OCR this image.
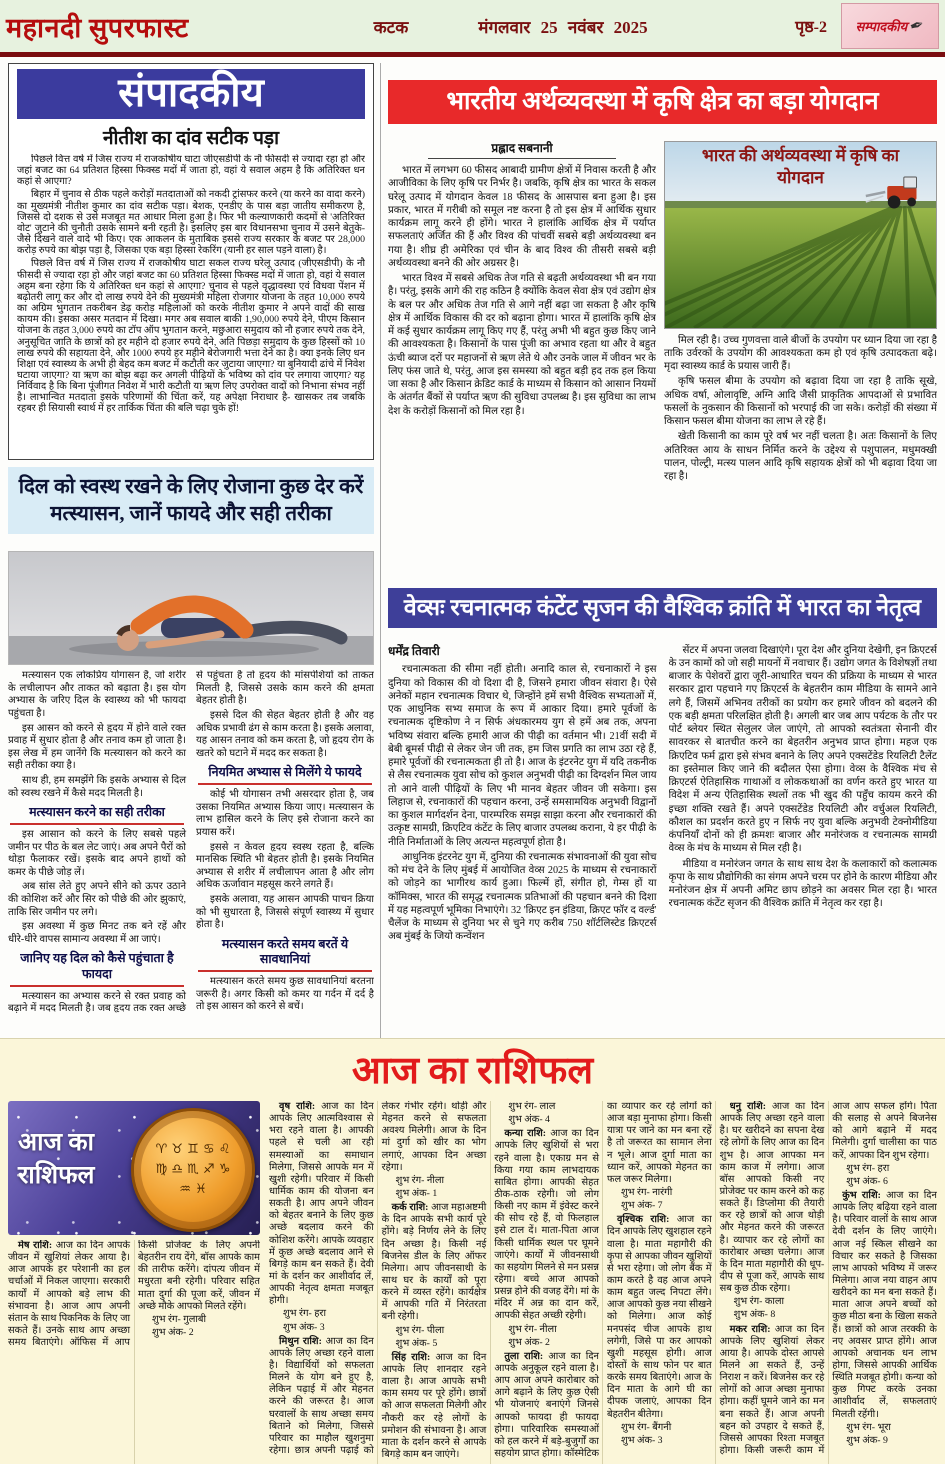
महानदी सुपरफास्ट	कटक	मंगलवार 25 नवंबर 2025	पृष्ठ-2 सम्पादकीय ✒
संप‍ादकीय
नीतीश का दांव सटीक पड़ा

पिछले वित्त वर्ष में जिस राज्य में राजकोषीय घाटा जीएसडीपी के नौ फीसदी से ज्यादा रहा हो और जहां बजट का 64 प्रतिशत हिस्सा फिक्स्ड मदों में जाता हो, वहां ये सवाल अहम है कि अतिरिक्त धन कहां से आएगा?

बिहार में चुनाव से ठीक पहले करोड़ों मतदाताओं को नकदी ट्रांसफर करने (या करने का वादा करने) का मुख्यमंत्री नीतीश कुमार का दांव सटीक पड़ा। बेशक, एनडीए के पास बड़ा जातीय समीकरण है, जिससे दो दशक से उसे मजबूत मत आधार मिला हुआ है। फिर भी कल्याणकारी कदमों से 'अतिरिक्त वोट' जुटाने की चुनौती उसके सामने बनी रहती है। इसलिए इस बार विधानसभा चुनाव में उसने बेतुके-जैसे दिखने वाले वादे भी किए। एक आकलन के मुताबिक इससे राज्य सरकार के बजट पर 28,000 करोड़ रुपये का बोझ पड़ा है, जिसका एक बड़ा हिस्सा रेकरिंग (यानी हर साल पड़ने वाला) है।

पिछले वित्त वर्ष में जिस राज्य में राजकोषीय घाटा सकल राज्य घरेलू उत्पाद (जीएसडीपी) के नौ फीसदी से ज्यादा रहा हो और जहां बजट का 60 प्रतिशत हिस्सा फिक्स्ड मदों में जाता हो, वहां ये सवाल अहम बना रहेगा कि ये अतिरिक्त धन कहां से आएगा? चुनाव से पहले वृद्धावस्था एवं विधवा पेंशन में बढ़ोतरी लागू कर और दो लाख रुपये देने की मुख्यमंत्री महिला रोजगार योजना के तहत 10,000 रुपये का अग्रिम भुगतान तकरीबन डेढ़ करोड़ महिलाओं को करके नीतीश कुमार ने अपने वादों की साख कायम की। इसका असर मतदान में दिखा। मगर अब सवाल बाकी 1,90,000 रुपये देने, पीएम किसान योजना के तहत 3,000 रुपये का टॉप ऑप भुगतान करने, मछुआरा समुदाय को नौ हजार रुपये तक देने, अनुसूचित जाति के छात्रों को हर महीने दो हजार रुपये देने, अति पिछड़ा समुदाय के कुछ हिस्सों को 10 लाख रुपये की सहायता देने, और 1000 रुपये हर महीने बेरोजगारी भत्ता देने का है। क्या इनके लिए धन शिक्षा एवं स्वास्थ्य के अभी ही बेहद कम बजट में कटौती कर जुटाया जाएगा? या बुनियादी ढांचे में निवेश घटाया जाएगा? या ऋण का बोझ बढ़ा कर अगली पीढ़ियों के भविष्य को दांव पर लगाया जाएगा? यह निर्विवाद है कि बिना पूंजीगत निवेश में भारी कटौती या ऋण लिए उपरोक्त वादों को निभाना संभव नहीं है। लाभान्वित मतदाता इसके परिणामों की चिंता करें, यह अपेक्षा निराधार है- खासकर तब जबकि रहबर ही सियासी स्वार्थ में हर तार्किक चिंता की बलि चढ़ा चुके हों!

दिल को स्वस्थ रखने के लिए रोजाना कुछ देर करें मत्स्यासन, जानें फायदे और सही तरीका

मत्स्यासन एक लोकप्रिय योगासन है, जो शरीर के लचीलापन और ताकत को बढ़ाता है। इस योग अभ्यास के जरिए दिल के स्वास्थ्य को भी फायदा पहुंचता है।

इस आसन को करने से हृदय में होने वाले रक्त प्रवाह में सुधार होता है और तनाव कम हो जाता है। इस लेख में हम जानेंगे कि मत्स्यासन को करने का सही तरीका क्या है।

साथ ही, हम समझेंगे कि इसके अभ्यास से दिल को स्वस्थ रखने में कैसे मदद मिलती है।

मत्स्यासन करने का सही तरीका

इस आसान को करने के लिए सबसे पहले जमीन पर पीठ के बल लेट जाएं। अब अपने पैरों को थोड़ा फैलाकर रखें। इसके बाद अपने हाथों को कमर के पीछे जोड़ लें।

अब सांस लेते हुए अपने सीने को ऊपर उठाने की कोशिश करें और सिर को पीछे की ओर झुकाएं, ताकि सिर जमीन पर लगे।

इस अवस्था में कुछ मिनट तक बने रहें और धीरे-धीरे वापस सामान्य अवस्था में आ जाएं।

जानिए यह दिल को कैसे पहुंचाता है फायदा

मत्स्यासन का अभ्यास करने से रक्त प्रवाह को बढ़ाने में मदद मिलती है। जब हृदय तक रक्त अच्छे से पहुंचता है तो हृदय की मांसपेशियों को ताकत मिलती है, जिससे उसके काम करने की क्षमता बेहतर होती है।

इससे दिल की सेहत बेहतर होती है और वह अधिक प्रभावी ढंग से काम करता है। इसके अलावा, यह आसन तनाव को कम करता है, जो हृदय रोग के खतरे को घटाने में मदद कर सकता है।

नियमित अभ्यास से मिलेंगे ये फायदे

कोई भी योगासन तभी असरदार होता है, जब उसका नियमित अभ्यास किया जाए। मत्स्यासन के लाभ हासिल करने के लिए इसे रोजाना करने का प्रयास करें।

इससे न केवल हृदय स्वस्थ रहता है, बल्कि मानसिक स्थिति भी बेहतर होती है। इसके नियमित अभ्यास से शरीर में लचीलापन आता है और लोग अधिक ऊर्जावान महसूस करने लगते हैं।

इसके अलावा, यह आसन आपकी पाचन क्रिया को भी सुधारता है, जिससे संपूर्ण स्वास्थ्य में सुधार होता है।

मत्स्यासन करते समय बरतें ये सावधानियां

मत्स्यासन करते समय कुछ सावधानियां बरतना जरूरी है। अगर किसी को कमर या गर्दन में दर्द है तो इस आसन को करने से बचें।

भारतीय अर्थव्यवस्था में कृषि क्षेत्र का बड़ा योगदान
प्रह्लाद सबनानी

भारत में लगभग 60 फीसद आबादी ग्रामीण क्षेत्रों में निवास करती है और आजीविका के लिए कृषि पर निर्भर है। जबकि, कृषि क्षेत्र का भारत के सकल घरेलू उत्पाद में योगदान केवल 18 फीसद के आसपास बना हुआ है। इस प्रकार, भारत में गरीबी को समूल नष्ट करना है तो इस क्षेत्र में आर्थिक सुधार कार्यक्रम लागू करने ही होंगे। भारत ने हालांकि आर्थिक क्षेत्र में पर्याप्त सफलताएं अर्जित की हैं और विश्व की पांचवीं सबसे बड़ी अर्थव्यवस्था बन गया है। शीघ्र ही अमेरिका एवं चीन के बाद विश्व की तीसरी सबसे बड़ी अर्थव्यवस्था बनने की ओर अग्रसर है।

भारत विश्व में सबसे अधिक तेज गति से बढ़ती अर्थव्यवस्था भी बन गया है। परंतु, इसके आगे की राह कठिन है क्योंकि केवल सेवा क्षेत्र एवं उद्योग क्षेत्र के बल पर और अधिक तेज गति से आगे नहीं बढ़ा जा सकता है और कृषि क्षेत्र में आर्थिक विकास की दर को बढ़ाना होगा। भारत में हालांकि कृषि क्षेत्र में कई सुधार कार्यक्रम लागू किए गए हैं, परंतु अभी भी बहुत कुछ किए जाने की आवश्यकता है। किसानों के पास पूंजी का अभाव रहता था और वे बहुत ऊंची ब्याज दरों पर महाजनों से ऋण लेते थे और उनके जाल में जीवन भर के लिए फंस जाते थे, परंतु, आज इस समस्या को बहुत बड़ी हद तक हल किया जा सका है और किसान क्रेडिट कार्ड के माध्यम से किसान को आसान नियमों के अंतर्गत बैंकों से पर्याप्त ऋण की सुविधा उपलब्ध है। इस सुविधा का लाभ देश के करोड़ों किसानों को मिल रहा है।

भारत की अर्थव्यवस्था में कृषि का योगदान

मिल रही है। उच्च गुणवत्ता वाले बीजों के उपयोग पर ध्यान दिया जा रहा है ताकि उर्वरकों के उपयोग की आवश्यकता कम हो एवं कृषि उत्पादकता बढ़े। मृदा स्वास्थ्य कार्ड के प्रयास जारी हैं।

कृषि फसल बीमा के उपयोग को बढ़ावा दिया जा रहा है ताकि सूखे, अधिक वर्षा, ओलावृष्टि, अग्नि आदि जैसी प्राकृतिक आपदाओं से प्रभावित फसलों के नुकसान की किसानों को भरपाई की जा सके। करोड़ों की संख्या में किसान फसल बीमा योजना का लाभ ले रहे हैं।

खेती किसानी का काम पूरे वर्ष भर नहीं चलता है। अतः किसानों के लिए अतिरिक्त आय के साधन निर्मित करने के उद्देश्य से पशुपालन, मधुमक्खी पालन, पोल्ट्री, मत्स्य पालन आदि कृषि सहायक क्षेत्रों को भी बढ़ावा दिया जा रहा है।

वेव्सः रचनात्मक कंटेंट सृजन की वैश्विक क्रांति में भारत का नेतृत्व
धर्मेंद्र तिवारी

रचनात्मकता की सीमा नहीं होती। अनादि काल से, रचनाकारों ने इस दुनिया को विकास की वो दिशा दी है, जिसने हमारा जीवन संवारा है। ऐसे अनेकों महान रचनात्मक विचार थे, जिन्होंने हमें सभी वैश्विक सभ्यताओं में, एक आधुनिक सभ्य समाज के रूप में आकार दिया। हमारे पूर्वजों के रचनात्मक दृष्टिकोण ने न सिर्फ अंधकारमय युग से हमें अब तक, अपना भविष्य संवारा बल्कि हमारी आज की पीढ़ी का वर्तमान भी। 21वीं सदी में बेबी बूमर्स पीढ़ी से लेकर जेन जी तक, हम जिस प्रगति का लाभ उठा रहे हैं, हमारे पूर्वजों की रचनात्मकता ही तो है। आज के इंटरनेट युग में यदि तकनीक से लैस रचनात्मक युवा सोच को कुशल अनुभवी पीढ़ी का दिग्दर्शन मिल जाय तो आने वाली पीढ़ियों के लिए भी मानव बेहतर जीवन जी सकेगा। इस लिहाज से, रचनाकारों की पहचान करना, उन्हें समसामयिक अनुभवी विद्वानों का कुशल मार्गदर्शन देना, पारम्परिक समझ साझा करना और रचनाकारों की उत्कृष्ट सामग्री, क्रिएटिव कंटेंट के लिए बाजार उपलब्ध कराना, ये हर पीढ़ी के नीति निर्माताओं के लिए अत्यन्त महत्वपूर्ण होता है।

आधुनिक इंटरनेट युग में, दुनिया की रचनात्मक संभावनाओं की युवा सोच को मंच देने के लिए मुंबई में आयोजित वेव्स 2025 के माध्यम से रचनाकारों को जोड़ने का भागीरथ कार्य हुआ। फिल्में हों, संगीत हो, गेम्स हों या कॉमिक्स, भारत की समृद्ध रचनात्मक प्रतिभाओं की पहचान बनने की दिशा में यह महत्वपूर्ण भूमिका निभाएंगे। 32 'क्रिएट इन इंडिया, क्रिएट फॉर द वर्ल्ड' चैलेंज के माध्यम से दुनिया भर से चुने गए करीब 750 शॉर्टलिस्टेड क्रिएटर्स अब मुंबई के जियो कन्वेंशन

सेंटर में अपना जलवा दिखाएंगे। पूरा देश और दुनिया देखेगी, इन क्रिएटर्स के उन कामों को जो सही मायनों में नवाचार हैं। उद्योग जगत के विशेषज्ञों तथा बाजार के पेशेवरों द्वारा जूरी-आधारित चयन की प्रक्रिया के माध्यम से भारत सरकार द्वारा पहचाने गए क्रिएटर्स के बेहतरीन काम मीडिया के सामने आने लगे हैं, जिसमें अभिनव तरीकों का प्रयोग कर हमारे जीवन को बदलने की एक बड़ी क्षमता परिलक्षित होती है। अगली बार जब आप पर्यटक के तौर पर पोर्ट ब्लेयर स्थित सेलुलर जेल जाएंगे, तो आपको स्वतंत्रता सेनानी वीर सावरकर से बातचीत करने का बेहतरीन अनुभव प्राप्त होगा। महज एक क्रिएटिव फर्म द्वारा इसे संभव बनाने के लिए अपने एक्सटेंडेड रियलिटी टैलेंट का इस्तेमाल किए जाने की बदौलत ऐसा होगा। वेव्स के वैश्विक मंच से क्रिएटर्स ऐतिहासिक गाथाओं व लोककथाओं का वर्णन करते हुए भारत या विदेश में अन्य ऐतिहासिक स्थलों तक भी खुद की पहुँच कायम करने की इच्छा शक्ति रखते हैं। अपने एक्सटेंडेड रियलिटी और वर्चुअल रियलिटी, कौशल का प्रदर्शन करते हुए न सिर्फ नए युवा बल्कि अनुभवी टेक्नोमीडिया कंपनियाँ दोनों को ही क्रमशः बाजार और मनोरंजक व रचनात्मक सामग्री वेव्स के मंच के माध्यम से मिल रही है।

मीडिया व मनोरंजन जगत के साथ साथ देश के कलाकारों को कलात्मक कृपा के साथ प्रौद्योगिकी का संगम अपने चरम पर होने के कारण मीडिया और मनोरंजन क्षेत्र में अपनी अमिट छाप छोड़ने का अवसर मिल रहा है। भारत रचनात्मक कंटेंट सृजन की वैश्विक क्रांति में नेतृत्व कर रहा है।

आज का राशिफल
आज का
राशिफल
♈ ♉ ♊ ♋ ♌ ♍ ♎ ♏ ♐ ♑ ♒ ♓

मेष राशि: आज का दिन आपके जीवन में खुशियां लेकर आया है। आज आपके हर परेशानी का हल चर्चाओं में निकल जाएगा। सरकारी कार्यों में आपको बड़े लाभ की संभावना है। आज आप अपनी संतान के साथ पिकनिक के लिए जा सकते हैं। उनके साथ आप अच्छा समय बिताएंगे। ऑफिस में आप किसी प्रोजेक्ट के लिए अपनी बेहतरीन राय देंगे, बॉस आपके काम की तारीफ करेंगे। दांपत्य जीवन में मधुरता बनी रहेगी। परिवार सहित माता दुर्गा की पूजा करें, जीवन में अच्छे मौके आपको मिलते रहेंगे।

शुभ रंग- गुलाबी

शुभ अंक- 2

वृष राशि: आज का दिन आपके लिए आत्मविश्वास से भरा रहने वाला है। आपकी पहले से चली आ रही समस्याओं का समाधान मिलेगा, जिससे आपके मन में खुशी रहेगी। परिवार में किसी धार्मिक काम की योजना बन सकती है। आप अपने जीवन को बेहतर बनाने के लिए कुछ अच्छे बदलाव करने की कोशिश करेंगे। आपके व्यवहार में कुछ अच्छे बदलाव आने से बिगड़े काम बन सकते हैं। देवी मां के दर्शन कर आशीर्वाद लें, आपकी नेतृत्व क्षमता मजबूत होगी।

शुभ रंग- हरा

शुभ अंक- 3

मिथुन राशि: आज का दिन आपके लिए अच्छा रहने वाला है। विद्यार्थियों को सफलता मिलने के योग बने हुए है, लेकिन पढ़ाई में और मेहनत करने की जरूरत है। आज घरवालों के साथ अच्छा समय बिताने को मिलेगा, जिससे परिवार का माहौल खुशनुमा रहेगा। छात्र अपनी पढ़ाई को लेकर गंभीर रहेंगे। थोड़ी और मेहनत करने से सफलता अवश्य मिलेगी। आज के दिन मां दुर्गा को खीर का भोग लगाएं, आपका दिन अच्छा रहेगा।

शुभ रंग- नीला

शुभ अंक- 1

कर्क राशि: आज महाअष्टमी के दिन आपके सभी कार्य पूरे होंगे। बड़े निर्णय लेने के लिए दिन अच्छा है। किसी नई बिजनेस डील के लिए ऑफर मिलेगा। आप जीवनसाथी के साथ घर के कार्यों को पूरा करने में व्यस्त रहेंगे। कार्यक्षेत्र में आपकी गति में निरंतरता बनी रहेगी।

शुभ रंग- पीला

शुभ अंक- 5

सिंह राशि: आज का दिन आपके लिए शानदार रहने वाला है। आज आपके सभी काम समय पर पूरे होंगे। छात्रों को आज सफलता मिलेगी और नौकरी कर रहे लोगों के प्रमोशन की संभावना है। आज माता के दर्शन करने से आपके बिगड़े काम बन जाएंगे।

शुभ रंग- लाल

शुभ अंक- 4

कन्या राशि: आज का दिन आपके लिए खुशियों से भरा रहने वाला है। एकाग्र मन से किया गया काम लाभदायक साबित होगा। आपकी सेहत ठीक-ठाक रहेगी। जो लोग किसी नए काम में इंवेस्ट करने की सोच रहे हैं, वो फिलहाल इसे टाल दें। माता-पिता आज किसी धार्मिक स्थल पर घूमने जाएंगे। कार्यों में जीवनसाथी का सहयोग मिलने से मन प्रसन्न रहेगा। बच्चे आज आपको प्रसन्न होने की वजह देंगे। मां के मंदिर में अन्न का दान करें, आपकी सेहत अच्छी रहेगी।

शुभ रंग- नीला

शुभ अंक- 2

तुला राशि: आज का दिन आपके अनुकूल रहने वाला है। आप आज अपने कारोबार को आगे बढ़ाने के लिए कुछ ऐसी भी योजनाएं बनाएंगे जिनसे आपको फायदा ही फायदा होगा। पारिवारिक समस्याओं को हल करने में बड़े-बुजुर्गों का सहयोग प्राप्त होगा। कॉस्मेटिक का व्यापार कर रहे लोगों को आज बड़ा मुनाफा होगा। किसी यात्रा पर जाने का मन बना रहें है तो जरूरत का सामान लेना न भूले। आज दुर्गा माता का ध्यान करें, आपको मेहनत का फल जरूर मिलेगा।

शुभ रंग- नारंगी

शुभ अंक- 7

वृश्चिक राशि: आज का दिन आपके लिए खुशहाल रहने वाला है। माता महागौरी की कृपा से आपका जीवन खुशियों से भरा रहेगा। जो लोग बैंक में काम करते है वह आज अपने काम बहुत जल्द निपटा लेंगे। आज आपको कुछ नया सीखने को मिलेगा। आज कोई मनपसंद चीज आपके हाथ लगेगी, जिसे पा कर आपको खुशी महसूस होगी। आज दोस्तों के साथ फोन पर बात करके समय बिताएंगे। आज के दिन माता के आगे घी का दीपक जलाएं, आपका दिन बेहतरीन बीतेगा।

शुभ रंग- बैंगनी

शुभ अंक- 3

धनु राशि: आज का दिन आपके लिए अच्छा रहने वाला है। घर खरीदने का सपना देख रहे लोगों के लिए आज का दिन शुभ है। आज आपका मन काम काज में लगेगा। आज बॉस आपको किसी नए प्रोजेक्ट पर काम करने को कह सकते हैं। डिप्लोमा की तैयारी कर रहे छात्रों को आज थोड़ी और मेहनत करने की जरूरत है। व्यापार कर रहे लोगों का कारोबार अच्छा चलेगा। आज के दिन माता महागौरी की धूप-दीप से पूजा करें, आपके साथ सब कुछ ठीक रहेगा।

शुभ रंग- काला

शुभ अंक- 8

मकर राशि: आज का दिन आपके लिए खुशियां लेकर आया है। आपके दोस्त आपसे मिलने आ सकते हैं, उन्हें निराश न करें। बिजनेस कर रहे लोगों को आज अच्छा मुनाफा होगा। कहीं घूमने जाने का मन बना सकते हैं। आज अपनी बहन को उपहार दे सकते हैं, जिससे आपका रिश्ता मजबूत होगा। किसी जरूरी काम में आज आप सफल होंगे। पिता की सलाह से अपने बिजनेस को आगे बढ़ाने में मदद मिलेगी। दुर्गा चालीसा का पाठ करें, आपका दिन शुभ रहेगा।

शुभ रंग- हरा

शुभ अंक- 6

कुंभ राशि: आज का दिन आपके लिए बढ़िया रहने वाला है। परिवार वालों के साथ आज देवी दर्शन के लिए जाएंगे। आज नई स्किल सीखने का विचार कर सकते है जिसका लाभ आपको भविष्य में जरूर मिलेगा। आज नया वाहन आप खरीदने का मन बना सकते हैं। माता आज अपने बच्चों को कुछ मीठा बना के खिला सकते हैं। छात्रों को आज तरक्की के नए अवसर प्राप्त होंगे। आज आपको अचानक धन लाभ होगा, जिससे आपकी आर्थिक स्थिति मजबूत होगी। कन्या को कुछ गिफ्ट करके उनका आशीर्वाद लें, सफलताएं मिलती रहेंगी।

शुभ रंग- भूरा

शुभ अंक- 9
